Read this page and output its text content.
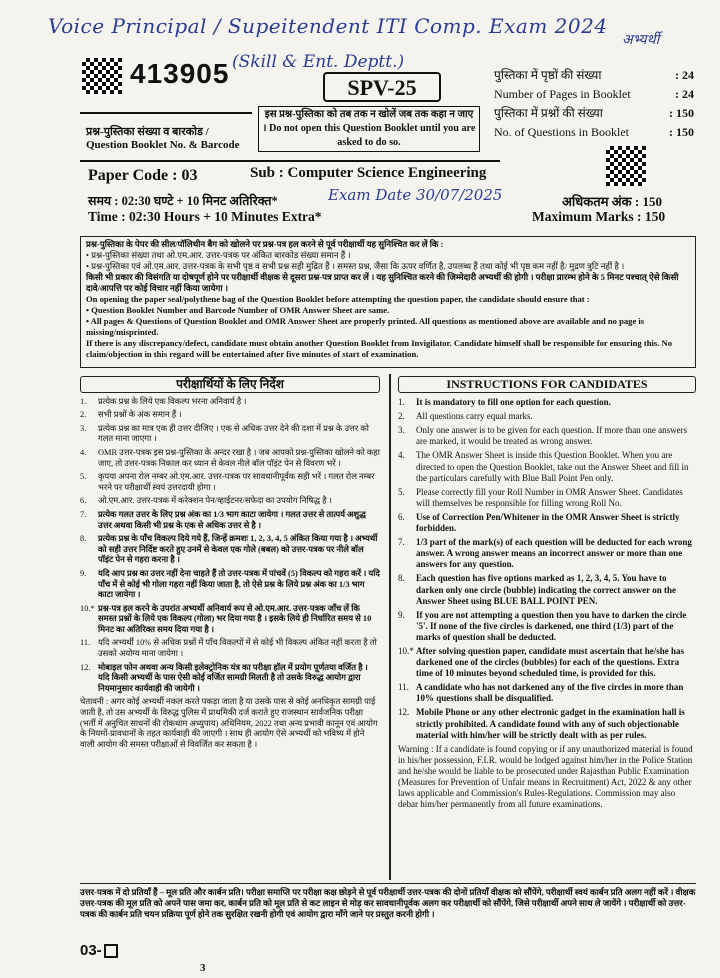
Voice Principal / Supeitendent ITI Comp. Exam 2024
अभ्यर्थी
(Skill & Ent. Deptt.)
413905	SPV-25
इस प्रश्न-पुस्तिका को तब तक न खोलें जब तक कहा न जाए । Do not open this Question Booklet until you are asked to do so.
प्रश्न-पुस्तिका संख्या व बारकोड /
Question Booklet No. & Barcode
पुस्तिका में पृष्ठों की संख्या	: 24
Number of Pages in Booklet	: 24
पुस्तिका में प्रश्नों की संख्या	: 150
No. of Questions in Booklet	: 150
Paper Code : 03	Sub : Computer Science Engineering
समय : 02:30 घण्टे + 10 मिनट अतिरिक्त*
Time : 02:30 Hours + 10 Minutes Extra*
Exam Date 30/07/2025	अधिकतम अंक : 150
Maximum Marks : 150

प्रश्न-पुस्तिका के पेपर की सील/पॉलिथीन बैग को खोलने पर प्रश्न-पत्र हल करने से पूर्व परीक्षार्थी यह सुनिश्चित कर लें कि :

• प्रश्न-पुस्तिका संख्या तथा ओ.एम.आर. उत्तर-पत्रक पर अंकित बारकोड संख्या समान हैं ।

• प्रश्न-पुस्तिका एवं ओ.एम.आर. उत्तर-पत्रक के सभी पृष्ठ व सभी प्रश्न सही मुद्रित हैं । समस्त प्रश्न, जैसा कि ऊपर वर्णित है, उपलब्ध हैं तथा कोई भी पृष्ठ कम नहीं है/ मुद्रण त्रुटि नहीं है ।

किसी भी प्रकार की विसंगति या दोषपूर्ण होने पर परीक्षार्थी वीक्षक से दूसरा प्रश्न-पत्र प्राप्त कर लें । यह सुनिश्चित करने की जिम्मेदारी अभ्यर्थी की होगी । परीक्षा प्रारम्भ होने के 5 मिनट पश्चात् ऐसे किसी दावे/आपत्ति पर कोई विचार नहीं किया जायेगा ।

On opening the paper seal/polythene bag of the Question Booklet before attempting the question paper, the candidate should ensure that :

• Question Booklet Number and Barcode Number of OMR Answer Sheet are same.

• All pages & Questions of Question Booklet and OMR Answer Sheet are properly printed. All questions as mentioned above are available and no page is missing/misprinted.

If there is any discrepancy/defect, candidate must obtain another Question Booklet from Invigilator. Candidate himself shall be responsible for ensuring this. No claim/objection in this regard will be entertained after five minutes of start of examination.

परीक्षार्थियों के लिए निर्देश
1.	प्रत्येक प्रश्न के लिये एक विकल्प भरना अनिवार्य है ।
2.	सभी प्रश्नों के अंक समान हैं ।
3.	प्रत्येक प्रश्न का मात्र एक ही उत्तर दीजिए । एक से अधिक उत्तर देने की दशा में प्रश्न के उत्तर को गलत माना जाएगा ।
4.	OMR उत्तर-पत्रक इस प्रश्न-पुस्तिका के अन्दर रखा है । जब आपको प्रश्न-पुस्तिका खोलने को कहा जाए, तो उत्तर-पत्रक निकाल कर ध्यान से केवल नीले बॉल पॉइंट पेन से विवरण भरें ।
5.	कृपया अपना रोल नम्बर ओ.एम.आर. उत्तर-पत्रक पर सावधानीपूर्वक सही भरें । गलत रोल नम्बर भरने पर परीक्षार्थी स्वयं उत्तरदायी होगा ।
6.	ओ.एम.आर. उत्तर-पत्रक में करेक्शन पेन/व्हाईटनर/सफेदा का उपयोग निषिद्ध है ।
7.	प्रत्येक गलत उत्तर के लिए प्रश्न अंक का 1/3 भाग काटा जायेगा । गलत उत्तर से तात्पर्य अशुद्ध उत्तर अथवा किसी भी प्रश्न के एक से अधिक उत्तर से है ।
8.	प्रत्येक प्रश्न के पाँच विकल्प दिये गये हैं, जिन्हें क्रमशः 1, 2, 3, 4, 5 अंकित किया गया है । अभ्यर्थी को सही उत्तर निर्दिष्ट करते हुए उनमें से केवल एक गोले (बबल) को उत्तर-पत्रक पर नीले बॉल पॉइंट पेन से गहरा करना है ।
9.	यदि आप प्रश्न का उत्तर नहीं देना चाहते हैं तो उत्तर-पत्रक में पांचवें (5) विकल्प को गहरा करें । यदि पाँच में से कोई भी गोला गहरा नहीं किया जाता है, तो ऐसे प्रश्न के लिये प्रश्न अंक का 1/3 भाग काटा जायेगा ।
10.* प्रश्न-पत्र हल करने के उपरांत अभ्यर्थी अनिवार्य रूप से ओ.एम.आर. उत्तर-पत्रक जाँच लें कि समस्त प्रश्नों के लिये एक विकल्प (गोला) भर दिया गया है । इसके लिये ही निर्धारित समय से 10 मिनट का अतिरिक्त समय दिया गया है ।
11. यदि अभ्यर्थी 10% से अधिक प्रश्नों में पाँच विकल्पों में से कोई भी विकल्प अंकित नहीं करता है तो उसको अयोग्य माना जायेगा ।
12. मोबाइल फोन अथवा अन्य किसी इलेक्ट्रोनिक यंत्र का परीक्षा हॉल में प्रयोग पूर्णतया वर्जित है । यदि किसी अभ्यर्थी के पास ऐसी कोई वर्जित सामग्री मिलती है तो उसके विरुद्ध आयोग द्वारा नियमानुसार कार्यवाही की जायेगी ।
चेतावनी : अगर कोई अभ्यर्थी नकल करते पकड़ा जाता है या उसके पास से कोई अनधिकृत सामग्री पाई जाती है, तो उस अभ्यर्थी के विरुद्ध पुलिस में प्राथमिकी दर्ज कराते हुए राजस्थान सार्वजनिक परीक्षा (भर्ती में अनुचित साधनों की रोकथाम अध्युपाय) अधिनियम, 2022 तथा अन्य प्रभावी कानून एवं आयोग के नियमों-प्रावधानों के तहत कार्यवाही की जाएगी । साथ ही आयोग ऐसे अभ्यर्थी को भविष्य में होने वाली आयोग की समस्त परीक्षाओं से विवर्जित कर सकता है ।
INSTRUCTIONS FOR CANDIDATES
1.	It is mandatory to fill one option for each question.
2.	All questions carry equal marks.
3.	Only one answer is to be given for each question. If more than one answers are marked, it would be treated as wrong answer.
4.	The OMR Answer Sheet is inside this Question Booklet. When you are directed to open the Question Booklet, take out the Answer Sheet and fill in the particulars carefully with Blue Ball Point Pen only.
5.	Please correctly fill your Roll Number in OMR Answer Sheet. Candidates will themselves be responsible for filling wrong Roll No.
6.	Use of Correction Pen/Whitener in the OMR Answer Sheet is strictly forbidden.
7.	1/3 part of the mark(s) of each question will be deducted for each wrong answer. A wrong answer means an incorrect answer or more than one answers for any question.
8.	Each question has five options marked as 1, 2, 3, 4, 5. You have to darken only one circle (bubble) indicating the correct answer on the Answer Sheet using BLUE BALL POINT PEN.
9.	If you are not attempting a question then you have to darken the circle '5'. If none of the five circles is darkened, one third (1/3) part of the marks of question shall be deducted.
10.* After solving question paper, candidate must ascertain that he/she has darkened one of the circles (bubbles) for each of the questions. Extra time of 10 minutes beyond scheduled time, is provided for this.
11. A candidate who has not darkened any of the five circles in more than 10% questions shall be disqualified.
12. Mobile Phone or any other electronic gadget in the examination hall is strictly prohibited. A candidate found with any of such objectionable material with him/her will be strictly dealt with as per rules.
Warning : If a candidate is found copying or if any unauthorized material is found in his/her possession, F.I.R. would be lodged against him/her in the Police Station and he/she would be liable to be prosecuted under Rajasthan Public Examination (Measures for Prevention of Unfair means in Recruitment) Act, 2022 & any other laws applicable and Commission's Rules-Regulations. Commission may also debar him/her permanently from all future examinations.
उत्तर-पत्रक में दो प्रतियाँ हैं – मूल प्रति और कार्बन प्रति। परीक्षा समाप्ति पर परीक्षा कक्ष छोड़ने से पूर्व परीक्षार्थी उत्तर-पत्रक की दोनों प्रतियाँ वीक्षक को सौंपेंगे, परीक्षार्थी स्वयं कार्बन प्रति अलग नहीं करें । वीक्षक उत्तर-पत्रक की मूल प्रति को अपने पास जमा कर, कार्बन प्रति को मूल प्रति से कट लाइन से मोड़ कर सावधानीपूर्वक अलग कर परीक्षार्थी को सौंपेंगे, जिसे परीक्षार्थी अपने साथ ले जायेंगे । परीक्षार्थी को उत्तर-पत्रक की कार्बन प्रति चयन प्रक्रिया पूर्ण होने तक सुरक्षित रखनी होगी एवं आयोग द्वारा माँगे जाने पर प्रस्तुत करनी होगी ।
03-
3
